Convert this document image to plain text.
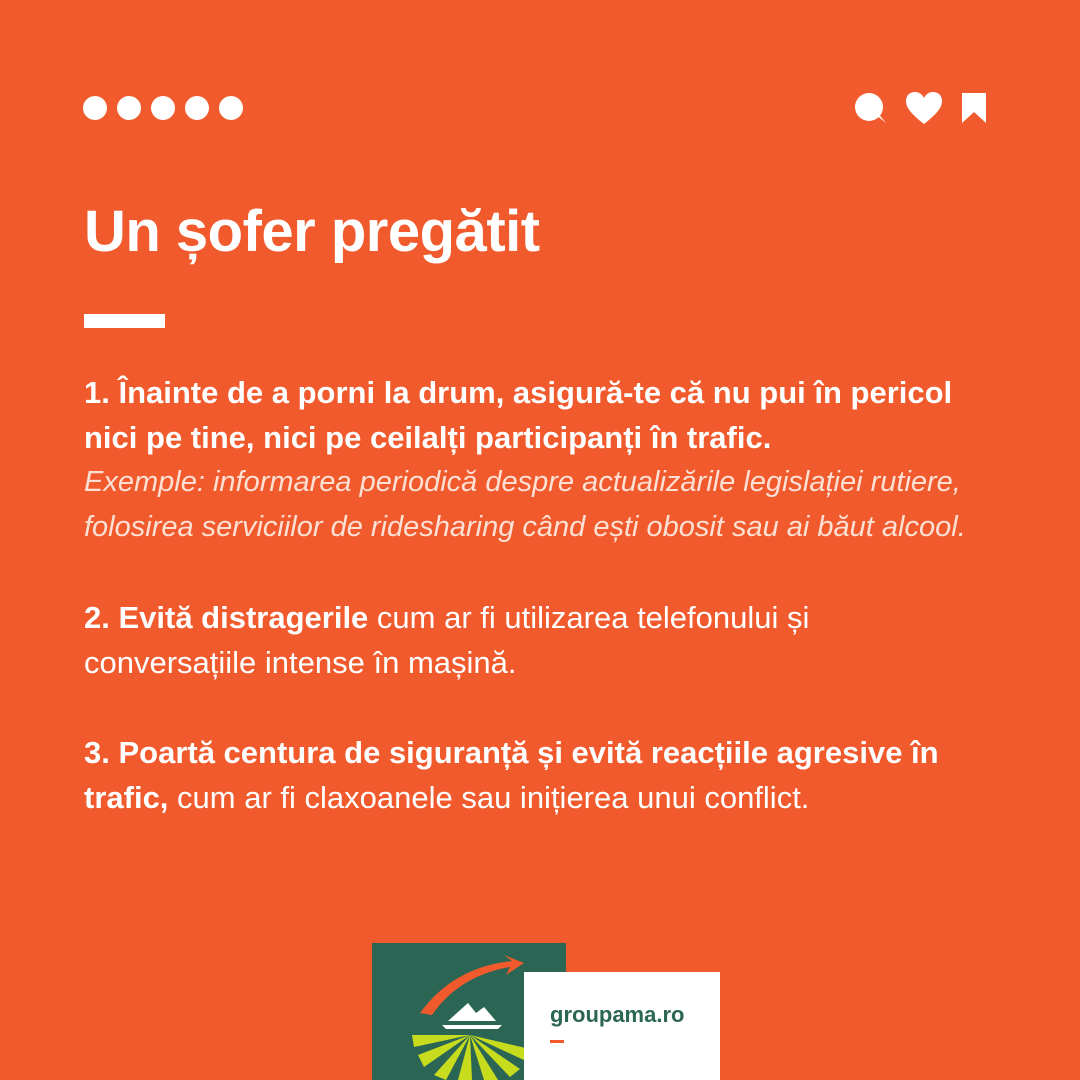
Un șofer pregătit

1. Înainte de a porni la drum, asigură-te că nu pui în pericol nici pe tine, nici pe ceilalți participanți în trafic.

Exemple: informarea periodică despre actualizările legislației rutiere, folosirea serviciilor de ridesharing când ești obosit sau ai băut alcool.

2. Evită distragerile cum ar fi utilizarea telefonului și conversațiile intense în mașină.

3. Poartă centura de siguranță și evită reacțiile agresive în trafic, cum ar fi claxoanele sau inițierea unui conflict.

groupama.ro
